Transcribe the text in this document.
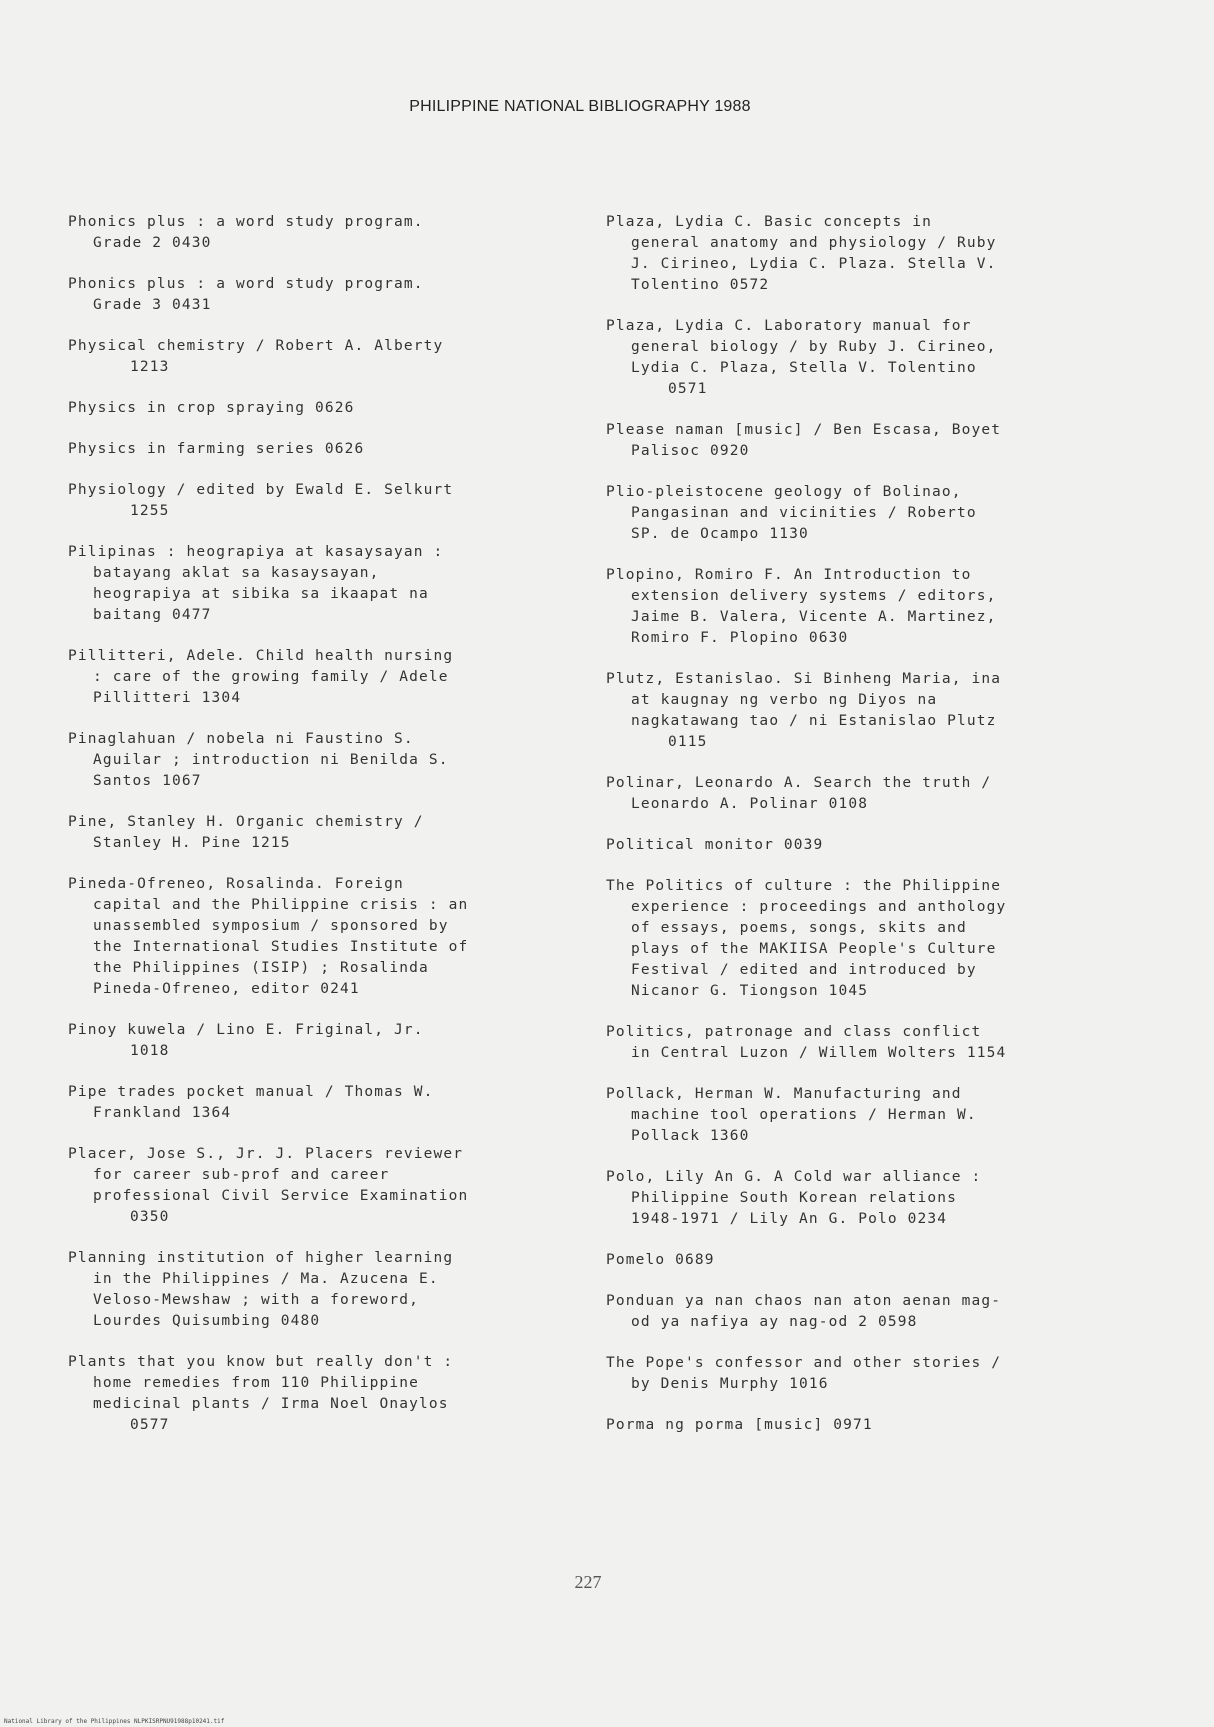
PHILIPPINE NATIONAL BIBLIOGRAPHY 1988
Phonics plus : a word study program.
Grade 2 0430
Phonics plus : a word study program.
Grade 3 0431
Physical chemistry / Robert A. Alberty
1213
Physics in crop spraying 0626
Physics in farming series 0626
Physiology / edited by Ewald E. Selkurt
1255
Pilipinas : heograpiya at kasaysayan :
batayang aklat sa kasaysayan,
heograpiya at sibika sa ikaapat na
baitang 0477
Pillitteri, Adele. Child health nursing
: care of the growing family / Adele
Pillitteri 1304
Pinaglahuan / nobela ni Faustino S.
Aguilar ; introduction ni Benilda S.
Santos 1067
Pine, Stanley H. Organic chemistry /
Stanley H. Pine 1215
Pineda-Ofreneo, Rosalinda. Foreign
capital and the Philippine crisis : an
unassembled symposium / sponsored by
the International Studies Institute of
the Philippines (ISIP) ; Rosalinda
Pineda-Ofreneo, editor 0241
Pinoy kuwela / Lino E. Friginal, Jr.
1018
Pipe trades pocket manual / Thomas W.
Frankland 1364
Placer, Jose S., Jr. J. Placers reviewer
for career sub-prof and career
professional Civil Service Examination
0350
Planning institution of higher learning
in the Philippines / Ma. Azucena E.
Veloso-Mewshaw ; with a foreword,
Lourdes Quisumbing 0480
Plants that you know but really don't :
home remedies from 110 Philippine
medicinal plants / Irma Noel Onaylos
0577
Plaza, Lydia C. Basic concepts in
general anatomy and physiology / Ruby
J. Cirineo, Lydia C. Plaza. Stella V.
Tolentino 0572
Plaza, Lydia C. Laboratory manual for
general biology / by Ruby J. Cirineo,
Lydia C. Plaza, Stella V. Tolentino
0571
Please naman [music] / Ben Escasa, Boyet
Palisoc 0920
Plio-pleistocene geology of Bolinao,
Pangasinan and vicinities / Roberto
SP. de Ocampo 1130
Plopino, Romiro F. An Introduction to
extension delivery systems / editors,
Jaime B. Valera, Vicente A. Martinez,
Romiro F. Plopino 0630
Plutz, Estanislao. Si Binheng Maria, ina
at kaugnay ng verbo ng Diyos na
nagkatawang tao / ni Estanislao Plutz
0115
Polinar, Leonardo A. Search the truth /
Leonardo A. Polinar 0108
Political monitor 0039
The Politics of culture : the Philippine
experience : proceedings and anthology
of essays, poems, songs, skits and
plays of the MAKIISA People's Culture
Festival / edited and introduced by
Nicanor G. Tiongson 1045
Politics, patronage and class conflict
in Central Luzon / Willem Wolters 1154
Pollack, Herman W. Manufacturing and
machine tool operations / Herman W.
Pollack 1360
Polo, Lily An G. A Cold war alliance :
Philippine South Korean relations
1948-1971 / Lily An G. Polo 0234
Pomelo 0689
Ponduan ya nan chaos nan aton aenan mag-
od ya nafiya ay nag-od 2 0598
The Pope's confessor and other stories /
by Denis Murphy 1016
Porma ng porma [music] 0971
227
National Library of the Philippines NLPKISRPNU91988p10241.tif
